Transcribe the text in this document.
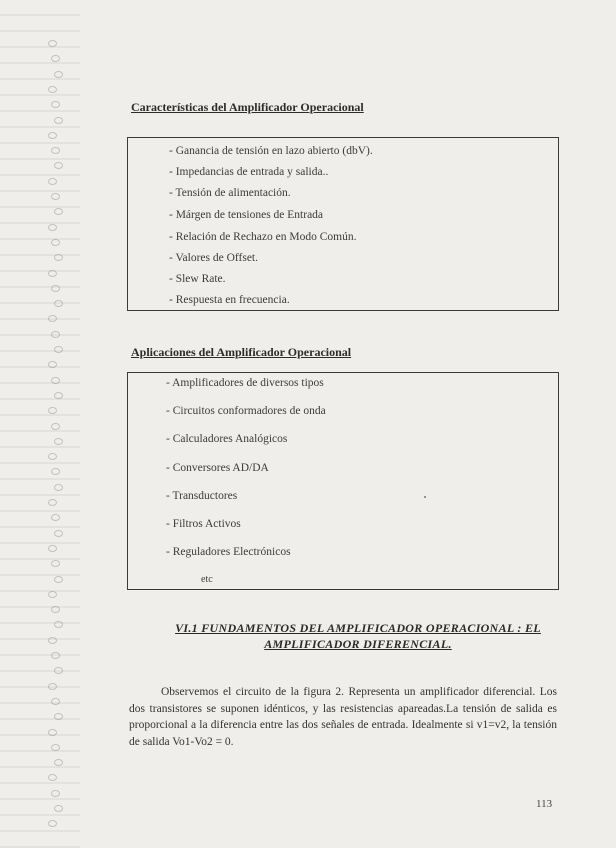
Características del Amplificador Operacional
- Ganancia de tensión en lazo abierto (dbV).
- Impedancias de entrada y salida..
- Tensión de alimentación.
- Márgen de tensiones de Entrada
- Relación de Rechazo en Modo Común.
- Valores de Offset.
- Slew Rate.
- Respuesta en frecuencia.
Aplicaciones del Amplificador Operacional
- Amplificadores de diversos tipos
- Circuitos conformadores de onda
- Calculadores Analógicos
- Conversores AD/DA
- Transductores
- Filtros Activos
- Reguladores Electrónicos
etc
VI.1 FUNDAMENTOS DEL AMPLIFICADOR OPERACIONAL : EL
AMPLIFICADOR DIFERENCIAL.
Observemos el circuito de la figura 2. Representa un amplificador diferencial. Los dos transistores se suponen idénticos, y las resistencias apareadas.La tensión de salida es proporcional a la diferencia entre las dos señales de entrada. Idealmente si v1=v2, la tensión de salida Vo1-Vo2 = 0.
113
